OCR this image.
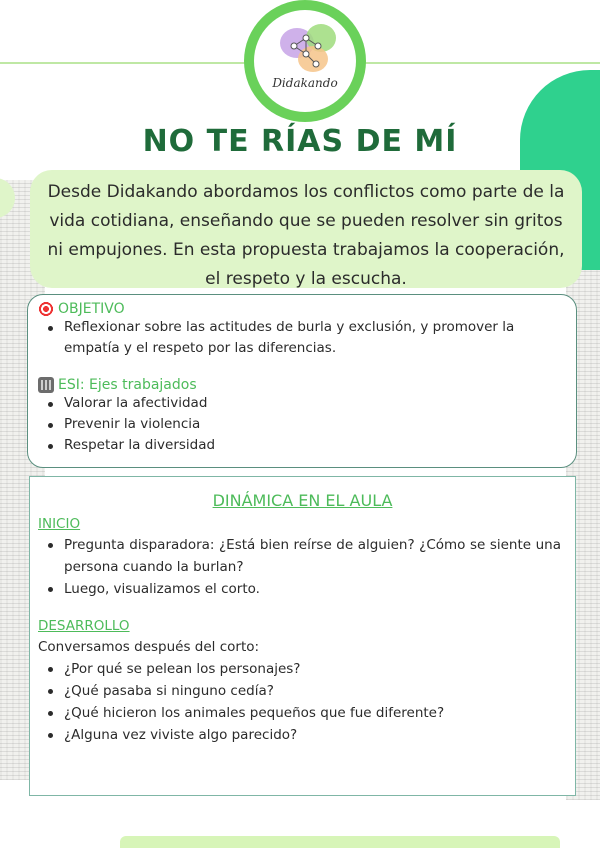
Didakando
NO TE RÍAS DE MÍ
Desde Didakando abordamos los conflictos como parte de la vida cotidiana, enseñando que se pueden resolver sin gritos ni empujones. En esta propuesta trabajamos la cooperación, el respeto y la escucha.
OBJETIVO
Reflexionar sobre las actitudes de burla y exclusión, y promover la empatía y el respeto por las diferencias.
ESI: Ejes trabajados
Valorar la afectividad
Prevenir la violencia
Respetar la diversidad
DINÁMICA EN EL AULA
INICIO
Pregunta disparadora: ¿Está bien reírse de alguien? ¿Cómo se siente una persona cuando la burlan?
Luego, visualizamos el corto.
DESARROLLO
Conversamos después del corto:
¿Por qué se pelean los personajes?
¿Qué pasaba si ninguno cedía?
¿Qué hicieron los animales pequeños que fue diferente?
¿Alguna vez viviste algo parecido?
